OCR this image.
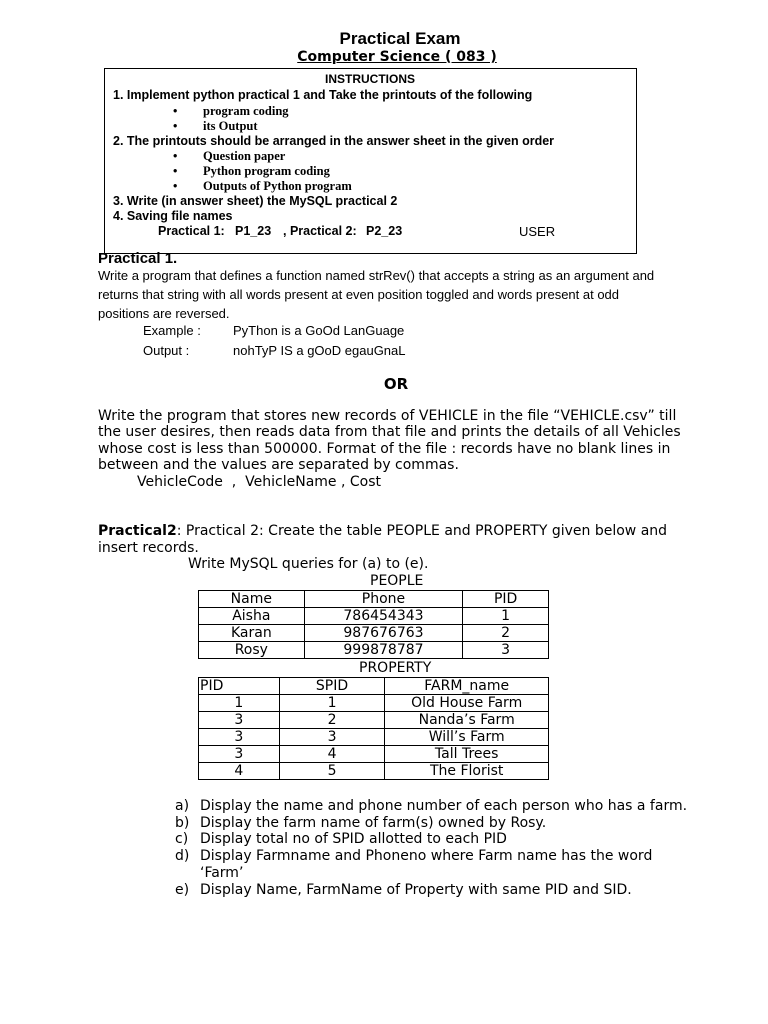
Practical Exam
Computer Science ( 083 )
INSTRUCTIONS
1. Implement python practical 1 and Take the printouts of the following
• program coding
• its Output
2. The printouts should be arranged in the answer sheet in the given order
• Question paper
• Python program coding
• Outputs of Python program
3. Write (in answer sheet) the MySQL practical 2
4. Saving file names
Practical 1: P1_23 , Practical 2: P2_23	USER
Practical 1.
Write a program that defines a function named strRev() that accepts a string as an argument and
returns that string with all words present at even position toggled and words present at odd
positions are reversed.
Example : PyThon is a GoOd LanGuage
Output :	nohTyP IS a gOoD egauGnaL
OR
Write the program that stores new records of VEHICLE in the file “VEHICLE.csv” till
the user desires, then reads data from that file and prints the details of all Vehicles
whose cost is less than 500000. Format of the file : records have no blank lines in
between and the values are separated by commas.
VehicleCode  ,  VehicleName , Cost
Practical2: Practical 2: Create the table PEOPLE and PROPERTY given below and
insert records.
Write MySQL queries for (a) to (e).
PEOPLE
Name	Phone	PID
Aisha	786454343	1
Karan	987676763	2
Rosy	999878787	3
PROPERTY
PID	SPID	FARM_name
1	1	Old House Farm
3	2	Nanda’s Farm
3	3	Will’s Farm
3	4	Tall Trees
4	5	The Florist
a) Display the name and phone number of each person who has a farm.
b) Display the farm name of farm(s) owned by Rosy.
c) Display total no of SPID allotted to each PID
d) Display Farmname and Phoneno where Farm name has the word ‘Farm’
e) Display Name, FarmName of Property with same PID and SID.
